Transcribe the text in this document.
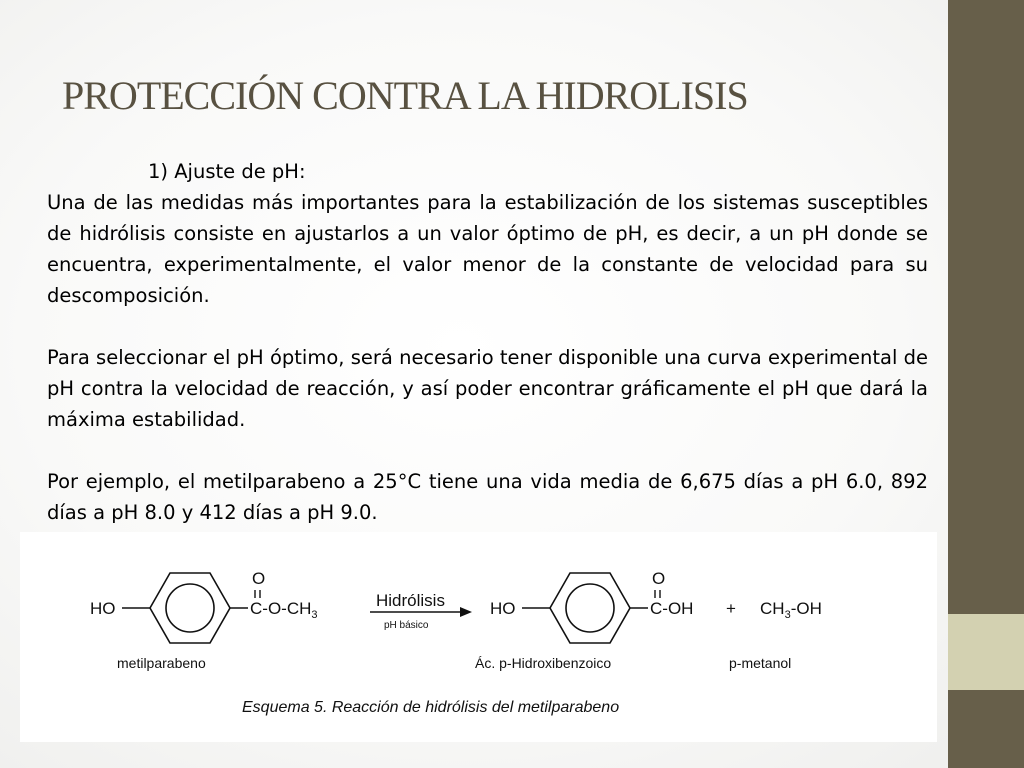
PROTECCIÓN CONTRA LA HIDROLISIS

1) Ajuste de pH:

Una de las medidas más importantes para la estabilización de los sistemas susceptibles de hidrólisis consiste en ajustarlos a un valor óptimo de pH, es decir, a un pH donde se encuentra, experimentalmente, el valor menor de la constante de velocidad para su descomposición.

Para seleccionar el pH óptimo, será necesario tener disponible una curva experimental de pH contra la velocidad de reacción, y así poder encontrar gráficamente el pH que dará la máxima estabilidad.

Por ejemplo, el metilparabeno a 25°C tiene una vida media de 6,675 días a pH 6.0, 892 días a pH 8.0 y 412 días a pH 9.0.

HO
O
$C-O-CH_3$
metilparabeno
Hidrólisis
pH básico
HO
O
C-OH
Ác. p-Hidroxibenzoico
+ $CH_3-OH$
p-metanol
Esquema 5. Reacción de hidrólisis del metilparabeno
